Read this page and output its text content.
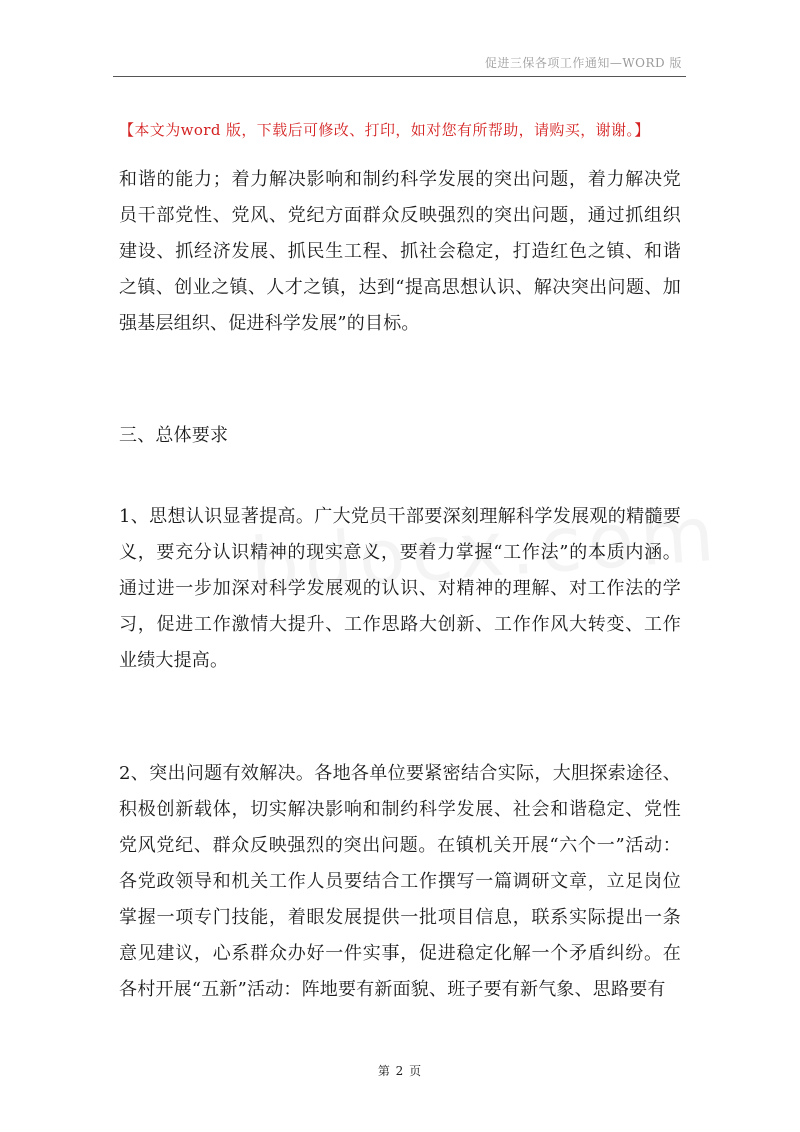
促进三保各项工作通知—WORD 版
【本文为word 版，下载后可修改、打印，如对您有所帮助，请购买，谢谢。】
和谐的能力；着力解决影响和制约科学发展的突出问题，着力解决党员干部党性、党风、党纪方面群众反映强烈的突出问题，通过抓组织建设、抓经济发展、抓民生工程、抓社会稳定，打造红色之镇、和谐之镇、创业之镇、人才之镇，达到“提高思想认识、解决突出问题、加强基层组织、促进科学发展”的目标。
三、总体要求
1、思想认识显著提高。广大党员干部要深刻理解科学发展观的精髓要义，要充分认识精神的现实意义，要着力掌握“工作法”的本质内涵。通过进一步加深对科学发展观的认识、对精神的理解、对工作法的学习，促进工作激情大提升、工作思路大创新、工作作风大转变、工作业绩大提高。
2、突出问题有效解决。各地各单位要紧密结合实际，大胆探索途径、积极创新载体，切实解决影响和制约科学发展、社会和谐稳定、党性党风党纪、群众反映强烈的突出问题。在镇机关开展“六个一”活动：各党政领导和机关工作人员要结合工作撰写一篇调研文章，立足岗位掌握一项专门技能，着眼发展提供一批项目信息，联系实际提出一条意见建议，心系群众办好一件实事，促进稳定化解一个矛盾纠纷。在各村开展“五新”活动：阵地要有新面貌、班子要有新气象、思路要有
第 2 页
